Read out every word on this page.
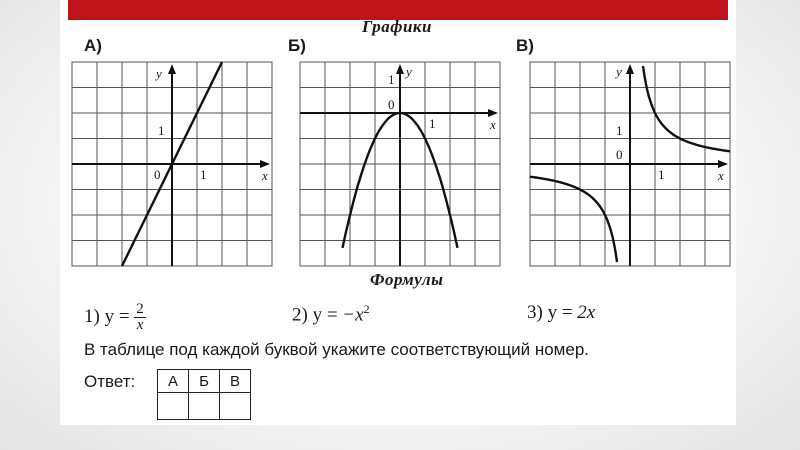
Графики
А)	Б)	В)
y
x
1
1
0
y
x
1
1
0
y
x
1
1
0
Формулы
1) $y = \frac{2}{x}$	2) $y = -x^2$	3) y = 2x
В таблице под каждой буквой укажите соответствующий номер.
Ответ: А	Б	В
